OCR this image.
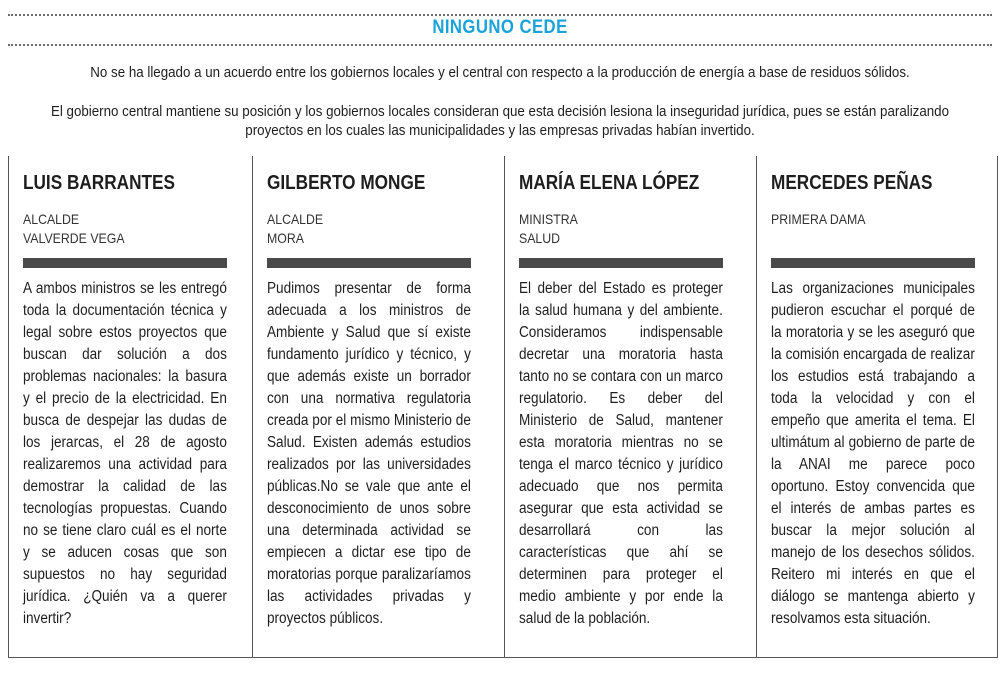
NINGUNO CEDE
No se ha llegado a un acuerdo entre los gobiernos locales y el central con respecto a la producción de energía a base de residuos sólidos.
El gobierno central mantiene su posición y los gobiernos locales consideran que esta decisión lesiona la inseguridad jurídica, pues se están paralizando proyectos en los cuales las municipalidades y las empresas privadas habían invertido.
LUIS BARRANTES
ALCALDE
VALVERDE VEGA
A ambos ministros se les entregó toda la documentación técnica y legal sobre estos proyectos que buscan dar solución a dos problemas nacionales: la basura y el precio de la electricidad. En busca de despejar las dudas de los jerarcas, el 28 de agosto realizaremos una actividad para demostrar la calidad de las tecnologías propuestas. Cuando no se tiene claro cuál es el norte y se aducen cosas que son supuestos no hay seguridad jurídica. ¿Quién va a querer invertir?
GILBERTO MONGE
ALCALDE
MORA
Pudimos presentar de forma adecuada a los ministros de Ambiente y Salud que sí existe fundamento jurídico y técnico, y que además existe un borrador con una normativa regulatoria creada por el mismo Ministerio de Salud. Existen además estudios realizados por las universidades públicas.No se vale que ante el desconocimiento de unos sobre una determinada actividad se empiecen a dictar ese tipo de moratorias porque paralizaríamos las actividades privadas y proyectos públicos.
MARÍA ELENA LÓPEZ
MINISTRA
SALUD
El deber del Estado es proteger la salud humana y del ambiente. Consideramos indispensable decretar una moratoria hasta tanto no se contara con un marco regulatorio. Es deber del Ministerio de Salud, mantener esta moratoria mientras no se tenga el marco técnico y jurídico adecuado que nos permita asegurar que esta actividad se desarrollará con las características que ahí se determinen para proteger el medio ambiente y por ende la salud de la población.
MERCEDES PEÑAS
PRIMERA DAMA
Las organizaciones municipales pudieron escuchar el porqué de la moratoria y se les aseguró que la comisión encargada de realizar los estudios está trabajando a toda la velocidad y con el empeño que amerita el tema. El ultimátum al gobierno de parte de la ANAI me parece poco oportuno. Estoy convencida que el interés de ambas partes es buscar la mejor solución al manejo de los desechos sólidos. Reitero mi interés en que el diálogo se mantenga abierto y resolvamos esta situación.
